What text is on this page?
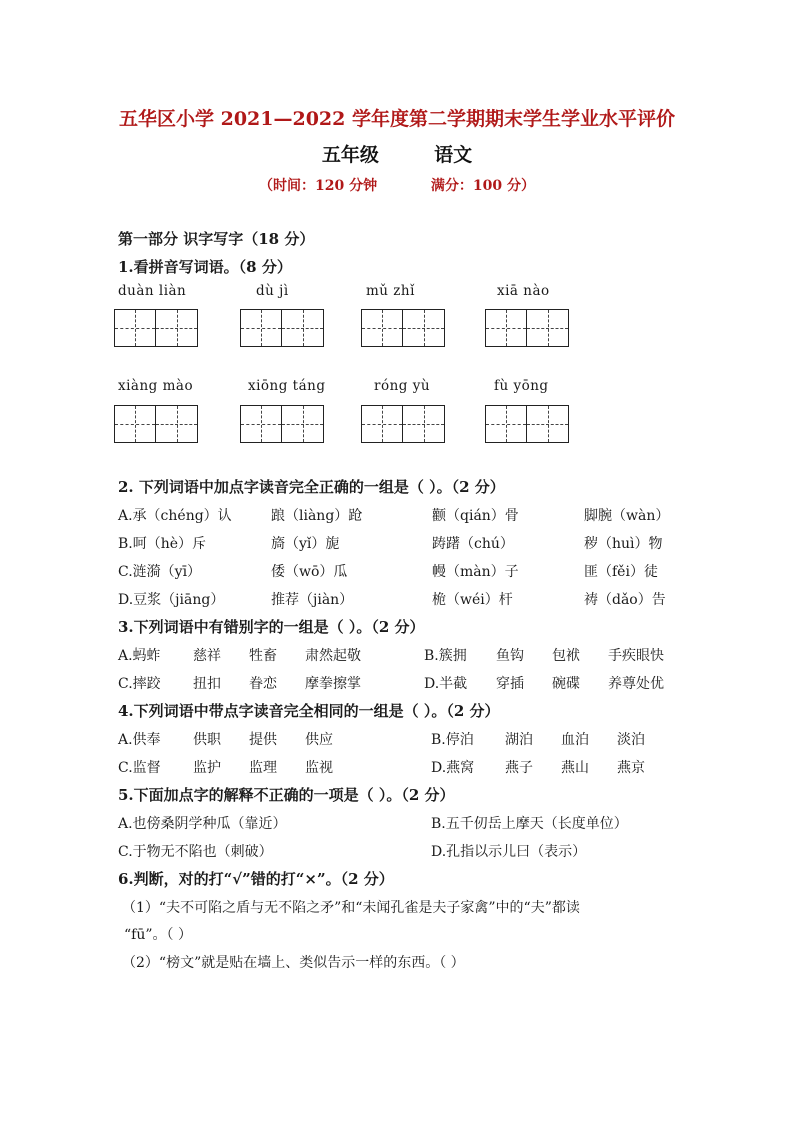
五华区小学 2021—2022 学年度第二学期期末学生学业水平评价
五年级	语文
（时间：120 分钟	满分：100 分）
第一部分 识字写字（18 分）
1.看拼音写词语。（8 分）
duàn liàn	dù jì	mǔ zhǐ	xiā nào
xiàng mào	xiōng táng	róng yù	fù yōng
2. 下列词语中加点字读音完全正确的一组是（ ）。（2 分）
A.承（chéng）认	踉（liàng）跄	颧（qián）骨	脚腕（wàn）
B.呵（hè）斥	旖（yǐ）旎	踌躇（chú）	秽（huì）物
C.涟漪（yī）	倭（wō）瓜	幔（màn）子	匪（fěi）徒
D.豆浆（jiāng）	推荐（jiàn）	桅（wéi）杆	祷（dǎo）告
3.下列词语中有错别字的一组是（ ）。（2 分）
A.蚂蚱 慈祥 牲畜 肃然起敬	B.簇拥 鱼钩 包袱 手疾眼快
C.摔跤 扭扣 眷恋 摩拳擦掌	D.半截 穿插 碗碟 养尊处优
4.下列词语中带点字读音完全相同的一组是（ ）。（2 分）
A.供奉 供职 提供 供应	B.停泊 湖泊 血泊 淡泊
C.监督 监护 监理 监视	D.燕窝 燕子 燕山 燕京
5.下面加点字的解释不正确的一项是（ ）。（2 分）
A.也傍桑阴学种瓜（靠近）	B.五千仞岳上摩天（长度单位）
C.于物无不陷也（刺破）	D.孔指以示儿曰（表示）
6.判断，对的打“√”错的打“×”。（2 分）
（1）“夫不可陷之盾与无不陷之矛”和“未闻孔雀是夫子家禽”中的“夫”都读
“fū”。（ ）
（2）“榜文”就是贴在墙上、类似告示一样的东西。（ ）
